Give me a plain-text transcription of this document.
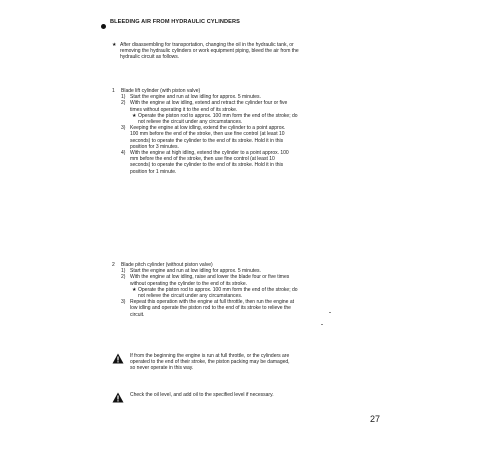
BLEEDING AIR FROM HYDRAULIC CYLINDERS
★ After disassembling for transportation, changing the oil in the hydraulic tank, or removing the hydraulic cylinders or work equipment piping, bleed the air from the hydraulic circuit as follows.
1	Blade lift cylinder (with piston valve)
1) Start the engine and run at low idling for approx. 5 minutes.
2) With the engine at low idling, extend and retract the cylinder four or five times without operating it to the end of its stroke.
★ Operate the piston rod to approx. 100 mm form the end of the stroke; do not relieve the circuit under any circumstances.
3) Keeping the engine at low idling, extend the cylinder to a point approx. 100 mm before the end of the stroke, then use fine control (at least 10 seconds) to operate the cylinder to the end of its stroke. Hold it in this position for 3 minutes.
4) With the engine at high idling, extend the cylinder to a point approx. 100 mm before the end of the stroke, then use fine control (at least 10 seconds) to operate the cylinder to the end of its stroke. Hold it in this position for 1 minute.
2	Blade pitch cylinder (without piston valve)
1) Start the engine and run at low idling for approx. 5 minutes.
2) With the engine at low idling, raise and lower the blade four or five times without operating the cylinder to the end of its stroke.
★ Operate the piston rod to approx. 100 mm form the end of the stroke; do not relieve the circuit under any circumstances.
3) Repeat this operation with the engine at full throttle, then run the engine at low idling and operate the piston rod to the end of its stroke to relieve the circuit.
If from the beginning the engine is run at full throttle, or the cylinders are operated to the end of their stroke, the piston packing may be damaged, so never operate in this way.
Check the oil level, and add oil to the specified level if necessary.
27
